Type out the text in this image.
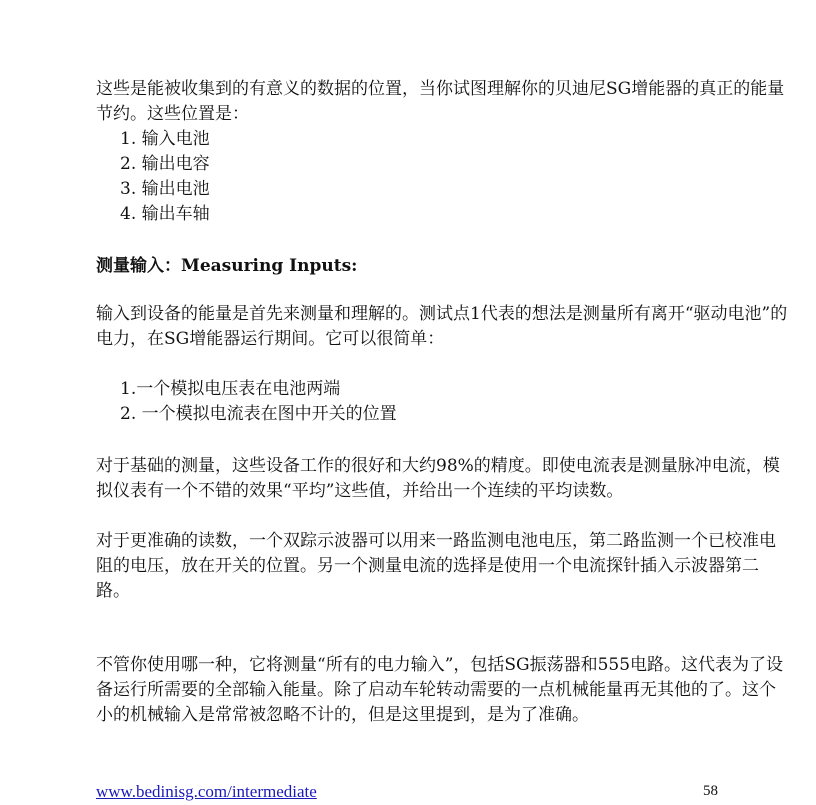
这些是能被收集到的有意义的数据的位置，当你试图理解你的贝迪尼SG增能器的真正的能量节约。这些位置是：

1. 输入电池
2. 输出电容
3. 输出电池
4. 输出车轴
测量输入：Measuring Inputs:

输入到设备的能量是首先来测量和理解的。测试点1代表的想法是测量所有离开“驱动电池”的电力，在SG增能器运行期间。它可以很简单：

1.一个模拟电压表在电池两端
2. 一个模拟电流表在图中开关的位置

对于基础的测量，这些设备工作的很好和大约98%的精度。即使电流表是测量脉冲电流，模拟仪表有一个不错的效果“平均”这些值，并给出一个连续的平均读数。

对于更准确的读数，一个双踪示波器可以用来一路监测电池电压，第二路监测一个已校准电阻的电压，放在开关的位置。另一个测量电流的选择是使用一个电流探针插入示波器第二路。

不管你使用哪一种，它将测量“所有的电力输入”，包括SG振荡器和555电路。这代表为了设备运行所需要的全部输入能量。除了启动车轮转动需要的一点机械能量再无其他的了。这个小的机械输入是常常被忽略不计的，但是这里提到，是为了准确。

www.bedinisg.com/intermediate	58
